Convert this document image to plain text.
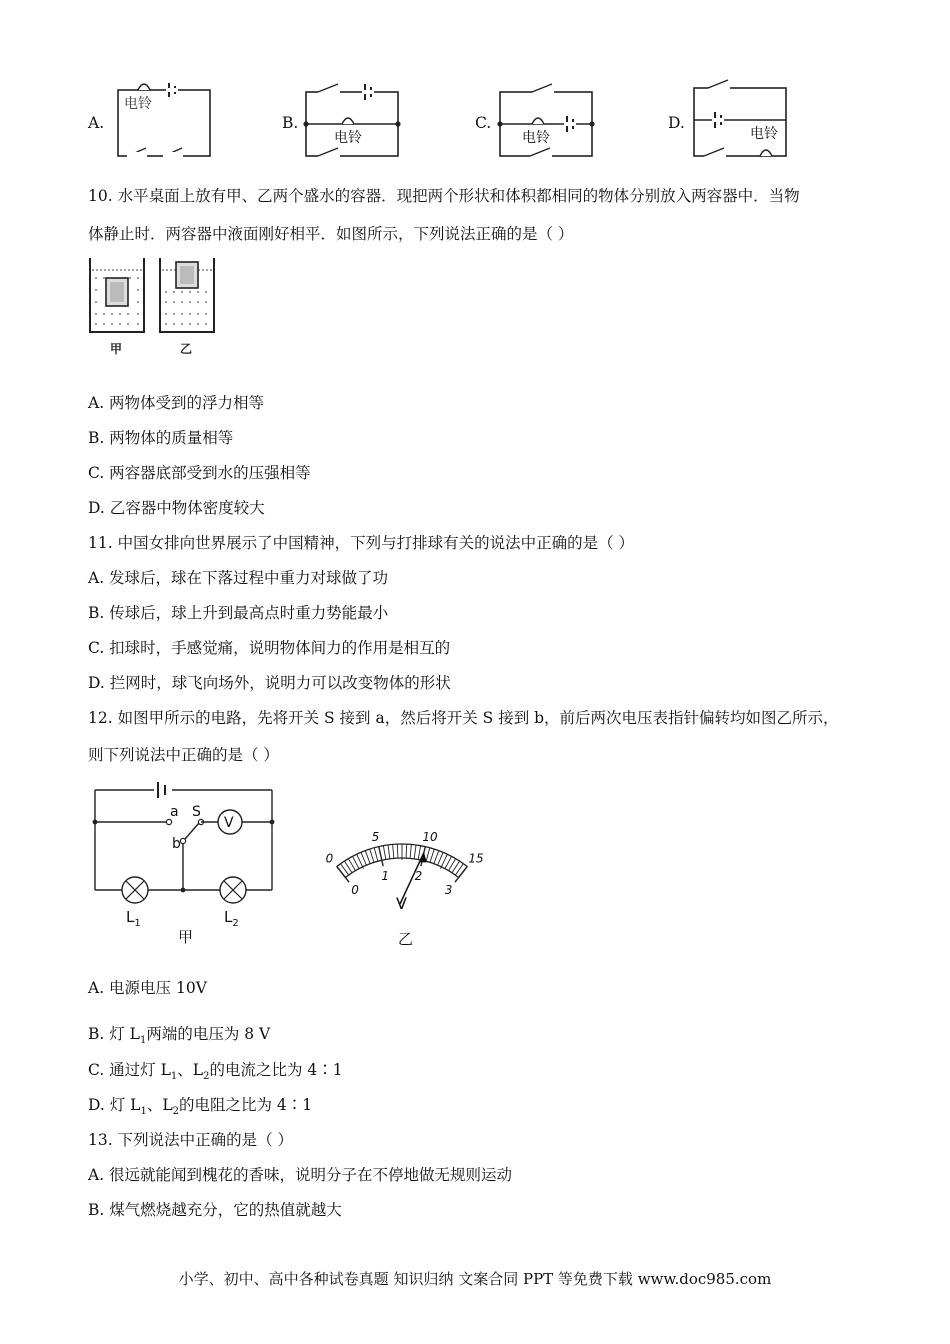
A.
电铃
B.
电铃
C.
电铃
D.
电铃
10. 水平桌面上放有甲、乙两个盛水的容器．现把两个形状和体积都相同的物体分别放入两容器中．当物
体静止时．两容器中液面刚好相平．如图所示，下列说法正确的是（ ）
甲	乙
A. 两物体受到的浮力相等
B. 两物体的质量相等
C. 两容器底部受到水的压强相等
D. 乙容器中物体密度较大
11. 中国女排向世界展示了中国精神，下列与打排球有关的说法中正确的是（ ）
A. 发球后，球在下落过程中重力对球做了功
B. 传球后，球上升到最高点时重力势能最小
C. 扣球时，手感觉痛，说明物体间力的作用是相互的
D. 拦网时，球飞向场外，说明力可以改变物体的形状
12. 如图甲所示的电路，先将开关 S 接到 a，然后将开关 S 接到 b，前后两次电压表指针偏转均如图乙所示，
则下列说法中正确的是（ ）
a
b
S
V
$L_1$	$L_2$
甲
0
5	10
15
0
1 2
3
V
乙
A. 电源电压 10V
B. 灯 $L_1$两端的电压为 8 V
C. 通过灯 $L_1$、$L_2$的电流之比为 4∶1
D. 灯 $L_1$、$L_2$的电阻之比为 4∶1
13. 下列说法中正确的是（ ）
A. 很远就能闻到槐花的香味，说明分子在不停地做无规则运动
B. 煤气燃烧越充分，它的热值就越大
小学、初中、高中各种试卷真题 知识归纳 文案合同 PPT 等免费下载 www.doc985.com
